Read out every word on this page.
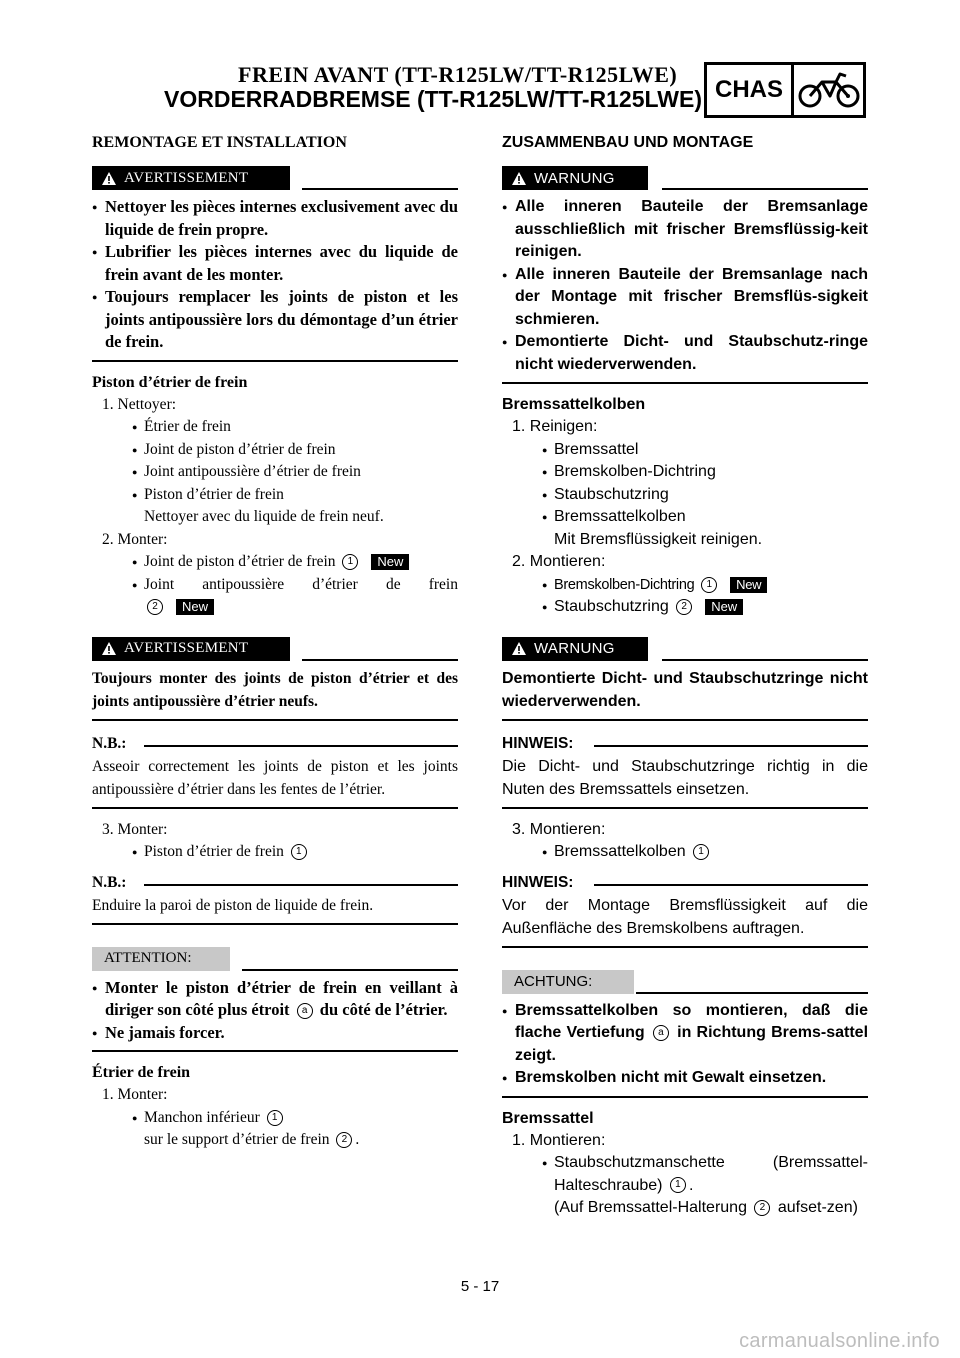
FREIN AVANT (TT-R125LW/TT-R125LWE)
VORDERRADBREMSE (TT-R125LW/TT-R125LWE) CHAS
REMONTAGE ET INSTALLATION
AVERTISSEMENT
● Nettoyer les pièces internes exclusivement avec du liquide de frein propre.
● Lubrifier les pièces internes avec du liquide de frein avant de les monter.
● Toujours remplacer les joints de piston et les joints antipoussière lors du démontage d’un étrier de frein.
Piston d’étrier de frein
1. Nettoyer:
● Étrier de frein
● Joint de piston d’étrier de frein
● Joint antipoussière d’étrier de frein
● Piston d’étrier de frein
Nettoyer avec du liquide de frein neuf.
2. Monter:
● Joint de piston d’étrier de frein 1 New
● Joint antipoussière d’étrier de frein
2 New
AVERTISSEMENT
Toujours monter des joints de piston d’étrier et des joints antipoussière d’étrier neufs.
N.B.:
Asseoir correctement les joints de piston et les joints antipoussière d’étrier dans les fentes de l’étrier.
3. Monter:
● Piston d’étrier de frein 1
N.B.:
Enduire la paroi de piston de liquide de frein.
ATTENTION:
● Monter le piston d’étrier de frein en veillant à diriger son côté plus étroit a du côté de l’étrier.
● Ne jamais forcer.
Étrier de frein
1. Monter:
● Manchon inférieur 1
sur le support d’étrier de frein 2 .
ZUSAMMENBAU UND MONTAGE
WARNUNG
● Alle inneren Bauteile der Bremsanlage ausschließlich mit frischer Bremsflüssig-keit reinigen.
● Alle inneren Bauteile der Bremsanlage nach der Montage mit frischer Bremsflüs-sigkeit schmieren.
● Demontierte Dicht- und Staubschutz-ringe nicht wiederverwenden.
Bremssattelkolben
1. Reinigen:
● Bremssattel
● Bremskolben-Dichtring
● Staubschutzring
● Bremssattelkolben
Mit Bremsflüssigkeit reinigen.
2. Montieren:
● Bremskolben-Dichtring 1 New
● Staubschutzring 2 New
WARNUNG
Demontierte Dicht- und Staubschutzringe nicht wiederverwenden.
HINWEIS:
Die Dicht- und Staubschutzringe richtig in die Nuten des Bremssattels einsetzen.
3. Montieren:
● Bremssattelkolben 1
HINWEIS:
Vor der Montage Bremsflüssigkeit auf die Außenfläche des Bremskolbens auftragen.
ACHTUNG:
● Bremssattelkolben so montieren, daß die flache Vertiefung a in Richtung Brems-sattel zeigt.
● Bremskolben nicht mit Gewalt einsetzen.
Bremssattel
1. Montieren:
● Staubschutzmanschette (Bremssattel-Halteschraube) 1 .
(Auf Bremssattel-Halterung 2 aufset-zen)
5 - 17
carmanualsonline.info
